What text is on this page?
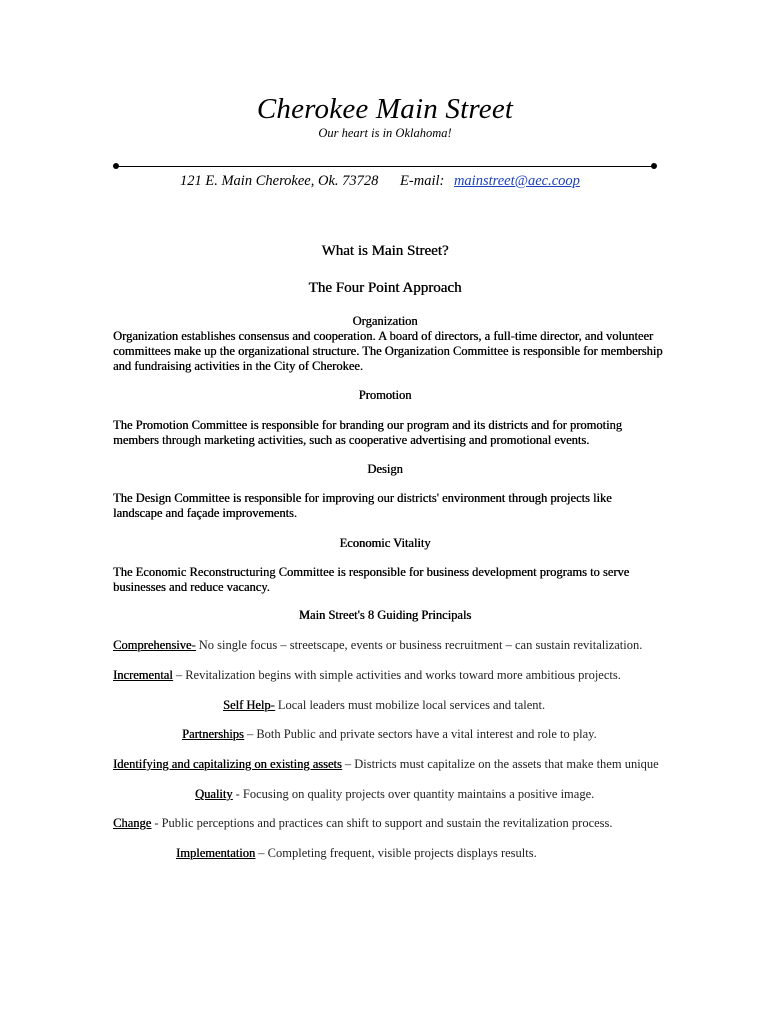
Cherokee Main Street
Our heart is in Oklahoma!
121 E. Main Cherokee, Ok. 73728 E-mail: mainstreet@aec.coop
What is Main Street?
The Four Point Approach
Organization
Organization establishes consensus and cooperation. A board of directors, a full-time director, and volunteer committees make up the organizational structure. The Organization Committee is responsible for membership and fundraising activities in the City of Cherokee.
Promotion
The Promotion Committee is responsible for branding our program and its districts and for promoting members through marketing activities, such as cooperative advertising and promotional events.
Design
The Design Committee is responsible for improving our districts' environment through projects like landscape and façade improvements.
Economic Vitality
The Economic Reconstructuring Committee is responsible for business development programs to serve businesses and reduce vacancy.
Main Street's 8 Guiding Principals
Comprehensive- No single focus – streetscape, events or business recruitment – can sustain revitalization.
Incremental – Revitalization begins with simple activities and works toward more ambitious projects.
Self Help- Local leaders must mobilize local services and talent.
Partnerships – Both Public and private sectors have a vital interest and role to play.
Identifying and capitalizing on existing assets – Districts must capitalize on the assets that make them unique
Quality - Focusing on quality projects over quantity maintains a positive image.
Change - Public perceptions and practices can shift to support and sustain the revitalization process.
Implementation – Completing frequent, visible projects displays results.
